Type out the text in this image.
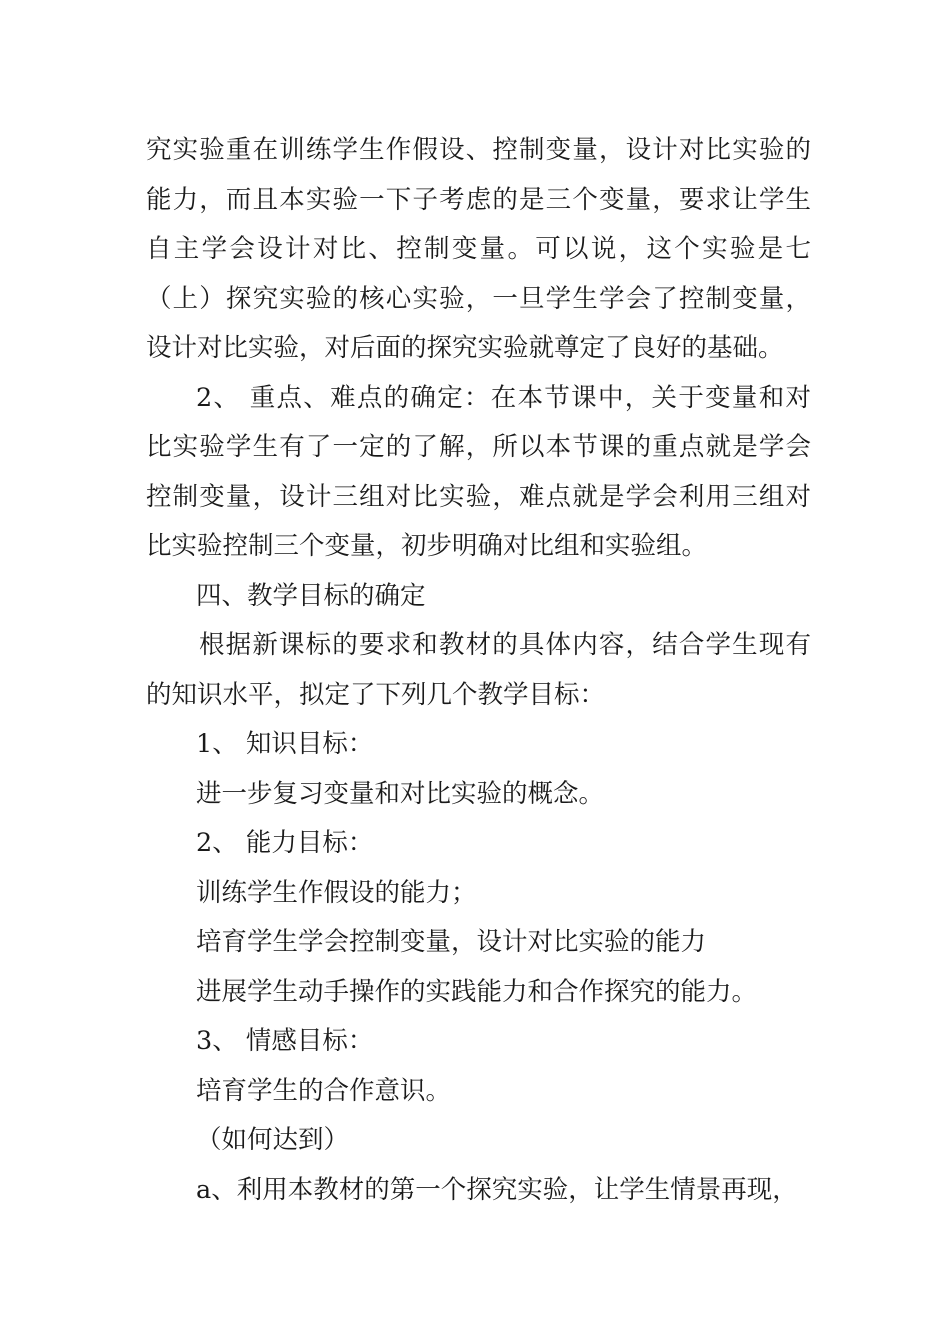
究实验重在训练学生作假设、控制变量，设计对比实验的
能力，而且本实验一下子考虑的是三个变量，要求让学生
自主学会设计对比、控制变量。可以说，这个实验是七
（上）探究实验的核心实验，一旦学生学会了控制变量，
设计对比实验，对后面的探究实验就尊定了良好的基础。
2、 重点、难点的确定：在本节课中，关于变量和对
比实验学生有了一定的了解，所以本节课的重点就是学会
控制变量，设计三组对比实验，难点就是学会利用三组对
比实验控制三个变量，初步明确对比组和实验组。
四、教学目标的确定
根据新课标的要求和教材的具体内容，结合学生现有
的知识水平，拟定了下列几个教学目标：
1、 知识目标：
进一步复习变量和对比实验的概念。
2、 能力目标：
训练学生作假设的能力；
培育学生学会控制变量，设计对比实验的能力
进展学生动手操作的实践能力和合作探究的能力。
3、 情感目标：
培育学生的合作意识。
（如何达到）
a、利用本教材的第一个探究实验，让学生情景再现，
